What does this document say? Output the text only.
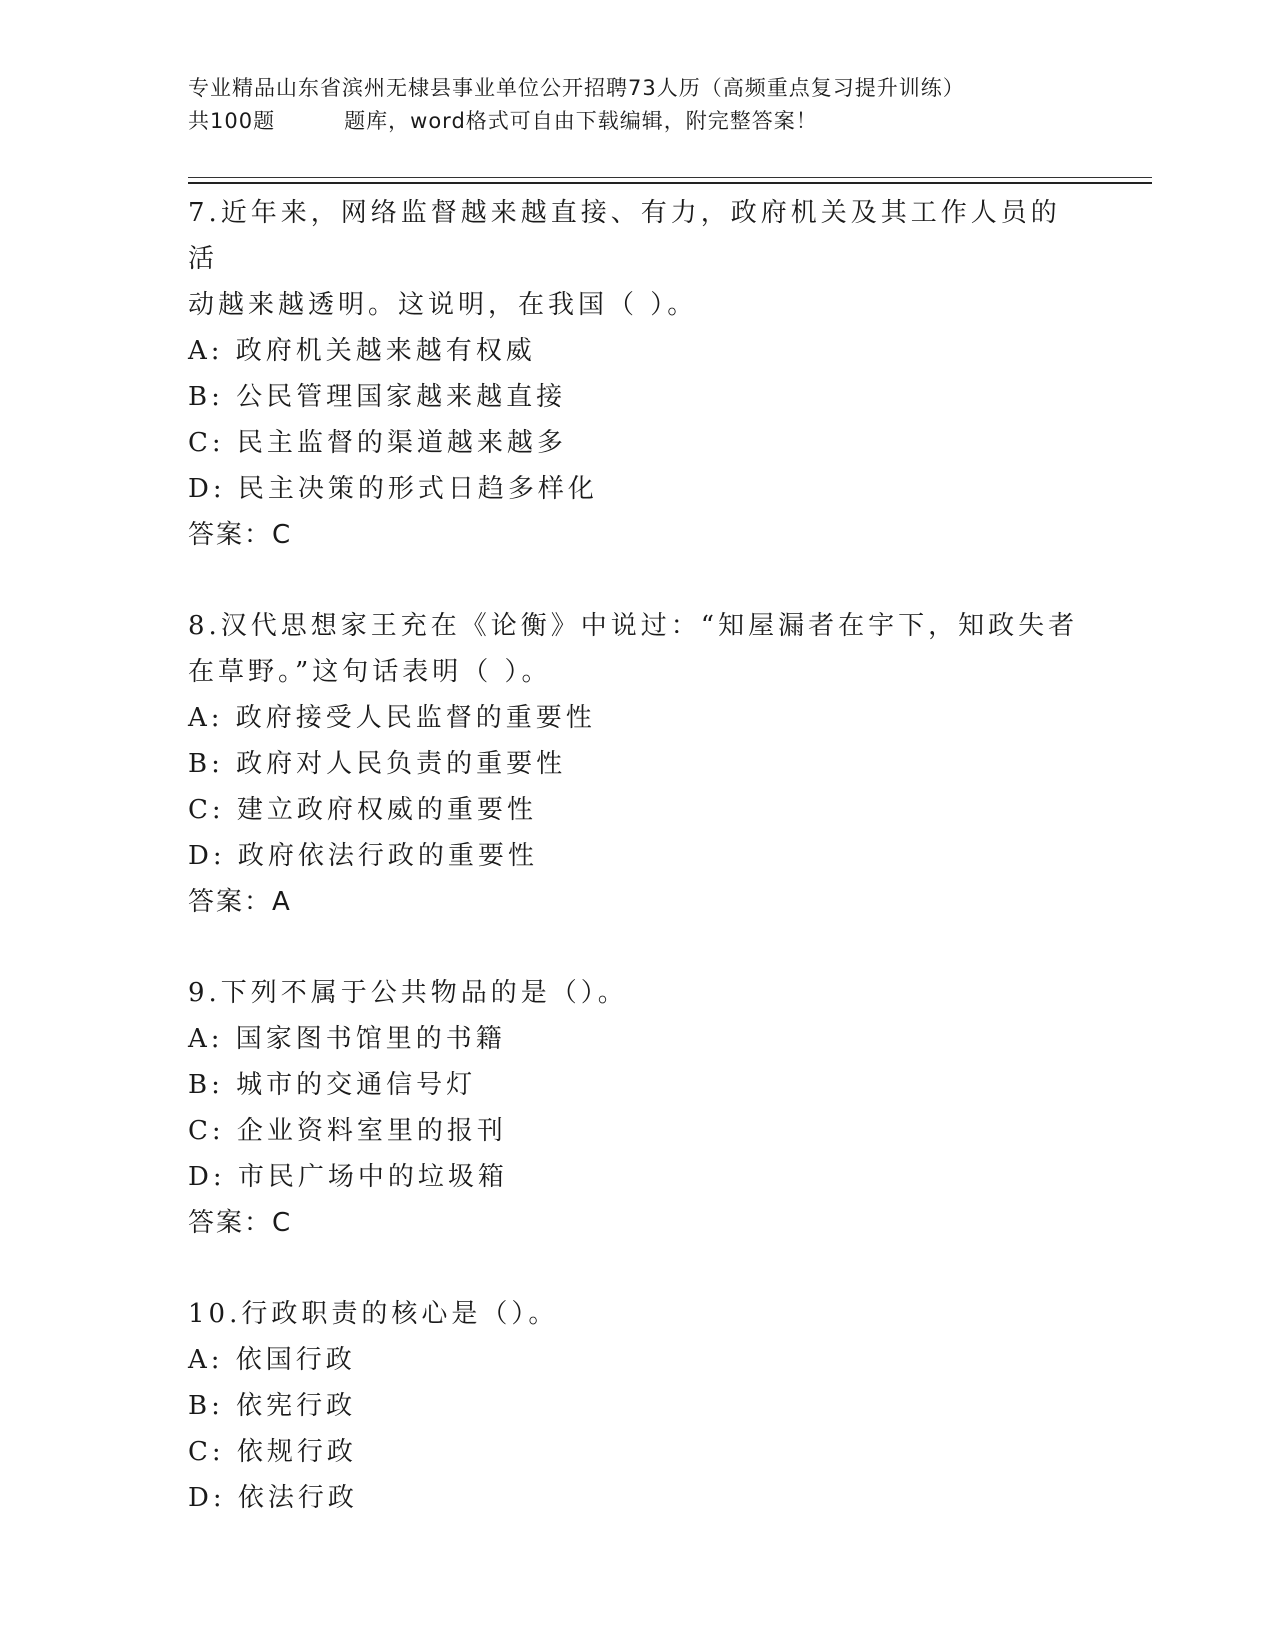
专业精品山东省滨州无棣县事业单位公开招聘73人历（高频重点复习提升训练）
共100题         题库，word格式可自由下载编辑，附完整答案！

7.近年来，网络监督越来越直接、有力，政府机关及其工作人员的活

动越来越透明。这说明，在我国（ ）。

A: 政府机关越来越有权威

B: 公民管理国家越来越直接

C: 民主监督的渠道越来越多

D: 民主决策的形式日趋多样化

答案：C

8.汉代思想家王充在《论衡》中说过：“知屋漏者在宇下，知政失者

在草野。”这句话表明（ ）。

A: 政府接受人民监督的重要性

B: 政府对人民负责的重要性

C: 建立政府权威的重要性

D: 政府依法行政的重要性

答案：A

9.下列不属于公共物品的是（）。

A: 国家图书馆里的书籍

B: 城市的交通信号灯

C: 企业资料室里的报刊

D: 市民广场中的垃圾箱

答案：C

10.行政职责的核心是（）。

A: 依国行政

B: 依宪行政

C: 依规行政

D: 依法行政
